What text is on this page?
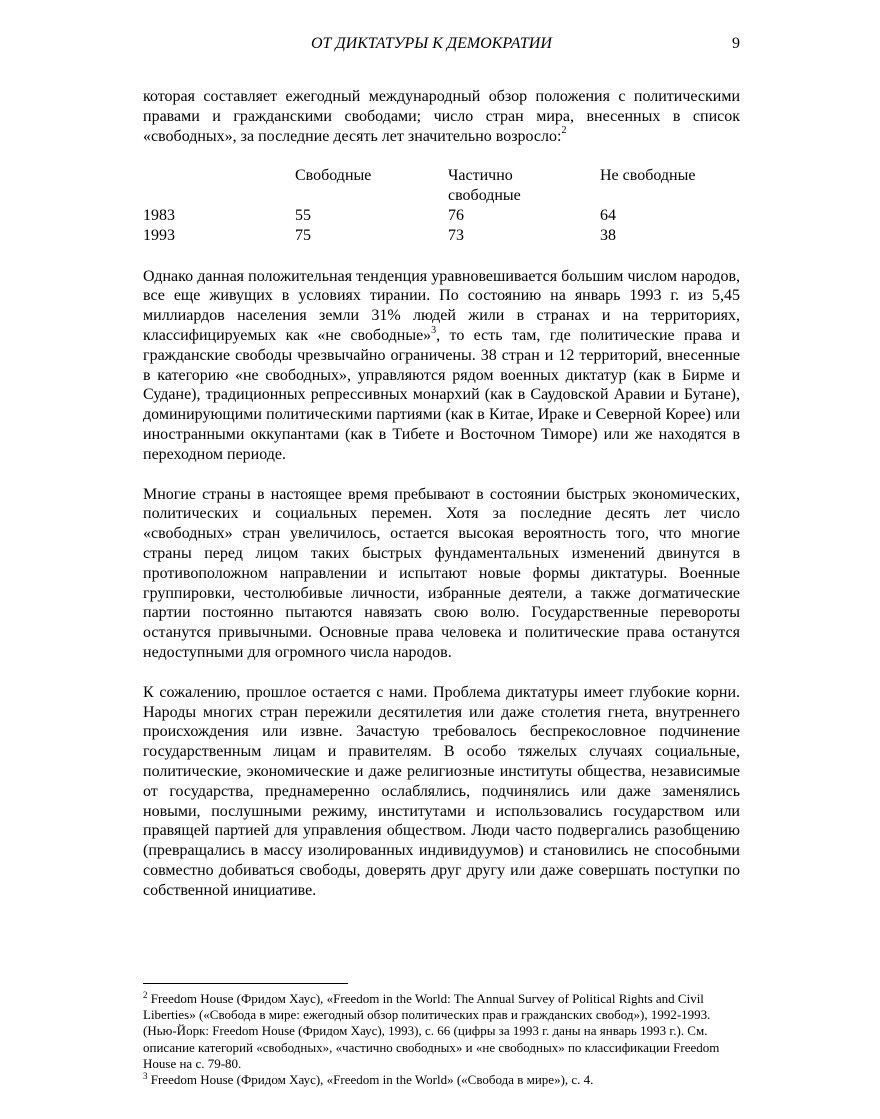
ОТ ДИКТАТУРЫ К ДЕМОКРАТИИ	9

которая составляет ежегодный международный обзор положения с политическими правами и гражданскими свободами; число стран мира, внесенных в список «свободных», за последние десять лет значительно возросло:$^2$

	Свободные	Частично свободные	Не свободные
1983	55	76	64
1993	75	73	38

Однако данная положительная тенденция уравновешивается большим числом народов, все еще живущих в условиях тирании. По состоянию на январь 1993 г. из 5,45 миллиардов населения земли 31% людей жили в странах и на территориях, классифицируемых как «не свободные»$^3$, то есть там, где политические права и гражданские свободы чрезвычайно ограничены. 38 стран и 12 территорий, внесенные в категорию «не свободных», управляются рядом военных диктатур (как в Бирме и Судане), традиционных репрессивных монархий (как в Саудовской Аравии и Бутане), доминирующими политическими партиями (как в Китае, Ираке и Северной Корее) или иностранными оккупантами (как в Тибете и Восточном Тиморе) или же находятся в переходном периоде.

Многие страны в настоящее время пребывают в состоянии быстрых экономических, политических и социальных перемен. Хотя за последние десять лет число «свободных» стран увеличилось, остается высокая вероятность того, что многие страны перед лицом таких быстрых фундаментальных изменений двинутся в противоположном направлении и испытают новые формы диктатуры. Военные группировки, честолюбивые личности, избранные деятели, а также догматические партии постоянно пытаются навязать свою волю. Государственные перевороты останутся привычными. Основные права человека и политические права останутся недоступными для огромного числа народов.

К сожалению, прошлое остается с нами. Проблема диктатуры имеет глубокие корни. Народы многих стран пережили десятилетия или даже столетия гнета, внутреннего происхождения или извне. Зачастую требовалось беспрекословное подчинение государственным лицам и правителям. В особо тяжелых случаях социальные, политические, экономические и даже религиозные институты общества, независимые от государства, преднамеренно ослаблялись, подчинялись или даже заменялись новыми, послушными режиму, институтами и использовались государством или правящей партией для управления обществом. Люди часто подвергались разобщению (превращались в массу изолированных индивидуумов) и становились не способными совместно добиваться свободы, доверять друг другу или даже совершать поступки по собственной инициативе.

$^2$ Freedom House (Фридом Хаус), «Freedom in the World: The Annual Survey of Political Rights and Civil Liberties» («Свобода в мире: ежегодный обзор политических прав и гражданских свобод»), 1992-1993. (Нью-Йорк: Freedom House (Фридом Хаус), 1993), с. 66 (цифры за 1993 г. даны на январь 1993 г.). См. описание категорий «свободных», «частично свободных» и «не свободных» по классификации Freedom House на с. 79-80.

$^3$ Freedom House (Фридом Хаус), «Freedom in the World» («Свобода в мире»), с. 4.
